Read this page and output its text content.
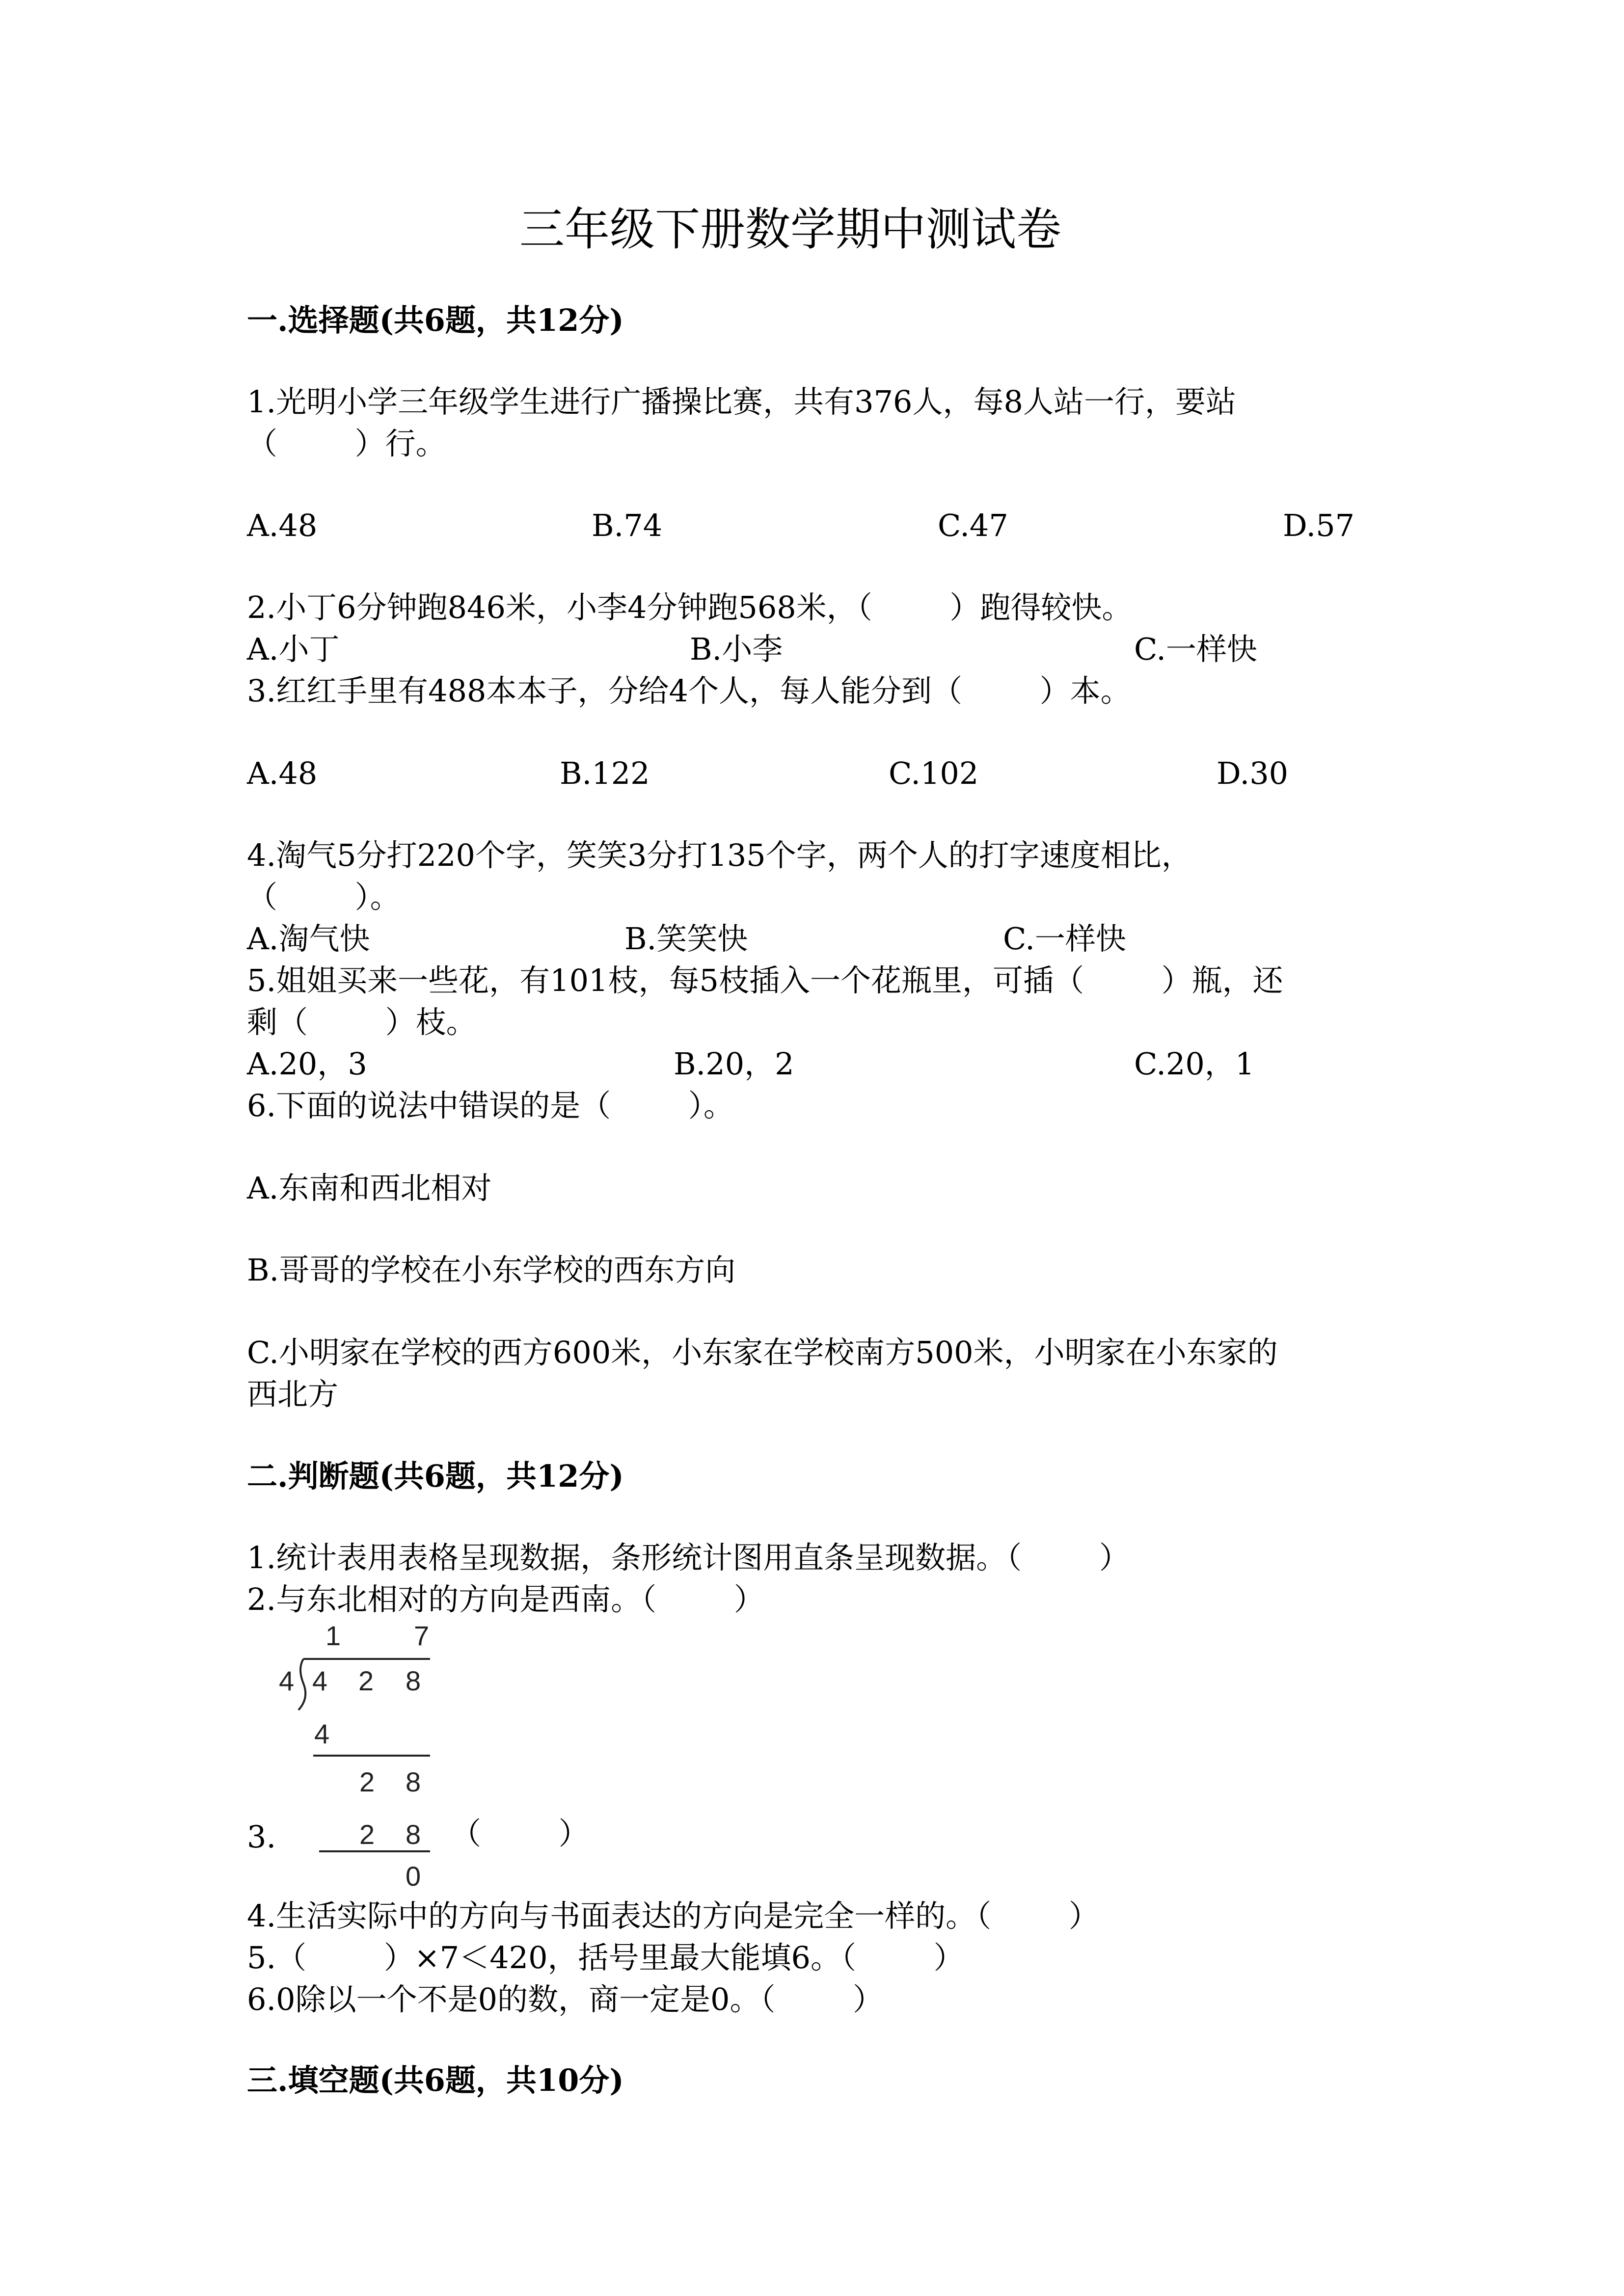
三年级下册数学期中测试卷
一.选择题(共6题，共12分)
1.光明小学三年级学生进行广播操比赛，共有376人，每8人站一行，要站
（        ）行。
A.48	B.74	C.47	D.57
2.小丁6分钟跑846米，小李4分钟跑568米，（        ）跑得较快。
A.小丁	B.小李	C.一样快
3.红红手里有488本本子，分给4个人，每人能分到（        ）本。
A.48	B.122	C.102	D.30
4.淘气5分打220个字，笑笑3分打135个字，两个人的打字速度相比，
（        ）。
A.淘气快	B.笑笑快	C.一样快
5.姐姐买来一些花，有101枝，每5枝插入一个花瓶里，可插（        ）瓶，还
剩（        ）枝。
A.20，3	B.20，2	C.20，1
6.下面的说法中错误的是（        ）。
A.东南和西北相对
B.哥哥的学校在小东学校的西东方向
C.小明家在学校的西方600米，小东家在学校南方500米，小明家在小东家的
西北方
二.判断题(共6题，共12分)
1.统计表用表格呈现数据，条形统计图用直条呈现数据。（        ）
2.与东北相对的方向是西南。（        ）
1	7
4 4 2 8
4
2 8
2 8
0
3.	（        ）
4.生活实际中的方向与书面表达的方向是完全一样的。（        ）
5.（        ）×7＜420，括号里最大能填6。（        ）
6.0除以一个不是0的数，商一定是0。（        ）
三.填空题(共6题，共10分)
